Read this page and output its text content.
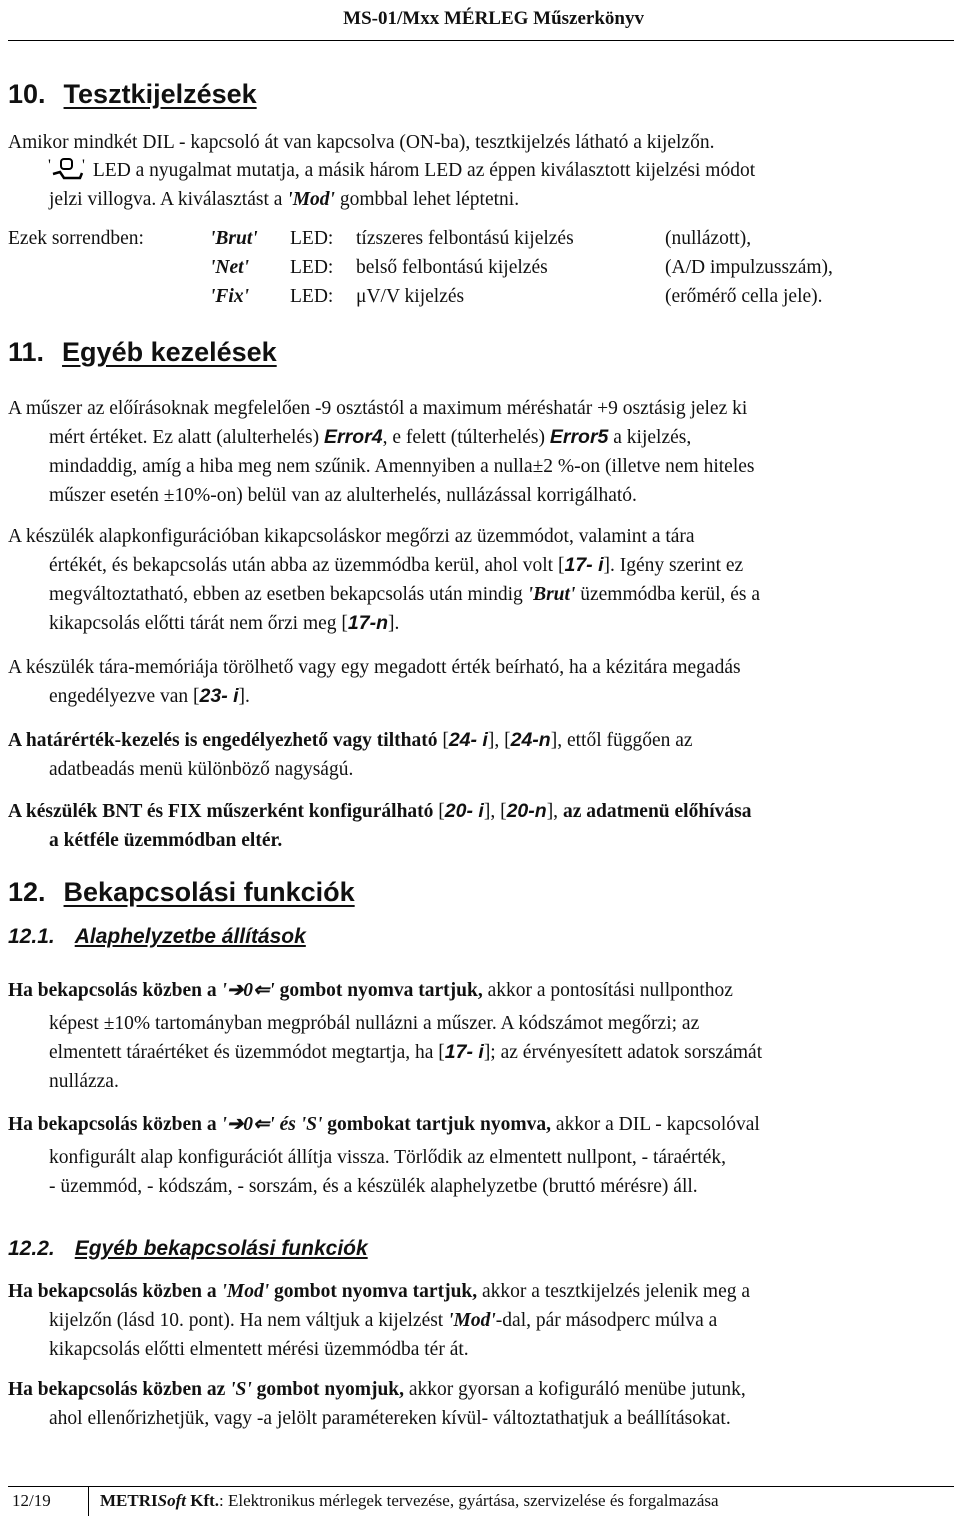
MS-01/Mxx MÉRLEG Műszerkönyv
10. Tesztkijelzések
Amikor mindkét DIL - kapcsoló át van kapcsolva (ON-ba), tesztkijelzés látható a kijelzőn.
' ' LED a nyugalmat mutatja, a másik három LED az éppen kiválasztott kijelzési módot
jelzi villogva. A kiválasztást a 'Mod' gombbal lehet léptetni.
Ezek sorrendben:	'Brut' LED: tízszeres felbontású kijelzés	(nullázott),
'Net' LED: belső felbontású kijelzés	(A/D impulzusszám),
'Fix' LED: μV/V kijelzés	(erőmérő cella jele).
11. Egyéb kezelések
A műszer az előírásoknak megfelelően -9 osztástól a maximum méréshatár +9 osztásig jelez ki
mért értéket. Ez alatt (alulterhelés) Error4, e felett (túlterhelés) Error5 a kijelzés,
mindaddig, amíg a hiba meg nem szűnik. Amennyiben a nulla±2 %-on (illetve nem hiteles
műszer esetén ±10%-on) belül van az alulterhelés, nullázással korrigálható.
A készülék alapkonfigurációban kikapcsoláskor megőrzi az üzemmódot, valamint a tára
értékét, és bekapcsolás után abba az üzemmódba kerül, ahol volt [17- i]. Igény szerint ez
megváltoztatható, ebben az esetben bekapcsolás után mindig 'Brut' üzemmódba kerül, és a
kikapcsolás előtti tárát nem őrzi meg [17-n].
A készülék tára-memóriája törölhető vagy egy megadott érték beírható, ha a kézitára megadás
engedélyezve van [23- i].
A határérték-kezelés is engedélyezhető vagy tiltható [24- i], [24-n], ettől függően az
adatbeadás menü különböző nagyságú.
A készülék BNT és FIX műszerként konfigurálható [20- i], [20-n], az adatmenü előhívása
a kétféle üzemmódban eltér.
12. Bekapcsolási funkciók
12.1. Alaphelyzetbe állítások
Ha bekapcsolás közben a '➔0⇐' gombot nyomva tartjuk, akkor a pontosítási nullponthoz
képest ±10% tartományban megpróbál nullázni a műszer. A kódszámot megőrzi; az
elmentett táraértéket és üzemmódot megtartja, ha [17- i]; az érvényesített adatok sorszámát
nullázza.
Ha bekapcsolás közben a '➔0⇐' és 'S' gombokat tartjuk nyomva, akkor a DIL - kapcsolóval
konfigurált alap konfigurációt állítja vissza. Törlődik az elmentett nullpont, - táraérték,
- üzemmód, - kódszám, - sorszám, és a készülék alaphelyzetbe (bruttó mérésre) áll.
12.2. Egyéb bekapcsolási funkciók
Ha bekapcsolás közben a 'Mod' gombot nyomva tartjuk, akkor a tesztkijelzés jelenik meg a
kijelzőn (lásd 10. pont). Ha nem váltjuk a kijelzést 'Mod'-dal, pár másodperc múlva a
kikapcsolás előtti elmentett mérési üzemmódba tér át.
Ha bekapcsolás közben az 'S' gombot nyomjuk, akkor gyorsan a kofiguráló menübe jutunk,
ahol ellenőrizhetjük, vagy -a jelölt paramétereken kívül- változtathatjuk a beállításokat.
12/19	METRISoft Kft.: Elektronikus mérlegek tervezése, gyártása, szervizelése és forgalmazása
